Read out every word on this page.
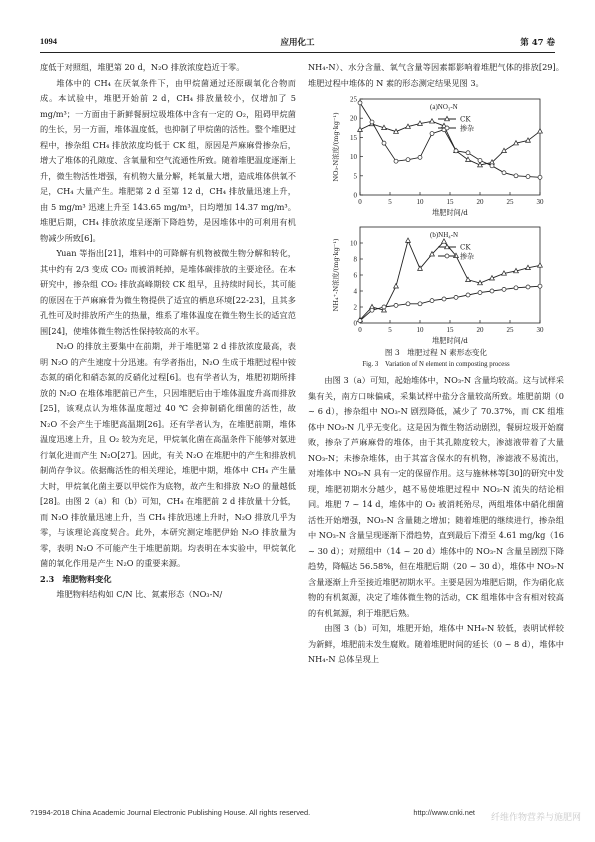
1094	应用化工	第 47 卷

度低于对照组，堆肥第 20 d，N₂O 排放浓度趋近于零。

堆体中的 CH₄ 在厌氧条件下，由甲烷菌通过还原碳氧化合物而成。本试验中，堆肥开始前 2 d，CH₄ 排放量较小，仅增加了 5 mg/m³；一方面由于新鲜餐厨垃圾堆体中含有一定的 O₂，阻碍甲烷菌的生长，另一方面，堆体温度低，也抑制了甲烷菌的活性。整个堆肥过程中，掺杂组 CH₄ 排放浓度均低于 CK 组，原因是芦麻麻骨掺杂后，增大了堆体的孔隙度、含氧量和空气流通性所致。随着堆肥温度逐渐上升，微生物活性增强，有机物大量分解，耗氧量大增，造成堆体供氧不足，CH₄ 大量产生。堆肥第 2 d 至第 12 d，CH₄ 排放量迅速上升，由 5 mg/m³ 迅速上升至 143.65 mg/m³，日均增加 14.37 mg/m³。堆肥后期，CH₄ 排放浓度呈逐渐下降趋势，是因堆体中的可利用有机物减少所致[6]。

Yuan 等指出[21]，堆料中的可降解有机物被微生物分解和转化，其中约有 2/3 变成 CO₂ 而被消耗掉，是堆体碳排放的主要途径。在本研究中，掺杂组 CO₂ 排放高峰期较 CK 组早，且持续时间长，其可能的原因在于芦麻麻骨为微生物提供了适宜的栖息环境[22-23]，且其多孔性可及时排放所产生的热量，维系了堆体温度在微生物生长的适宜范围[24]，使堆体微生物活性保持较高的水平。

N₂O 的排放主要集中在前期，并于堆肥第 2 d 排放浓度最高，表明 N₂O 的产生速度十分迅速。有学者指出，N₂O 生成于堆肥过程中铵态氮的硝化和硝态氮的反硝化过程[6]。也有学者认为，堆肥初期所排放的 N₂O 在堆体堆肥前已产生，只因堆肥后由于堆体温度升高而排放[25]，该观点认为堆体温度超过 40 ℃ 会抑制硝化细菌的活性，故 N₂O 不会产生于堆肥高温期[26]。还有学者认为，在堆肥前期，堆体温度迅速上升，且 O₂ 较为充足，甲烷氧化菌在高温条件下能够对氨进行氧化进而产生 N₂O[27]。因此，有关 N₂O 在堆肥中的产生和排放机制尚存争议。依据酶活性的相关理论，堆肥中期，堆体中 CH₄ 产生量大时，甲烷氧化菌主要以甲烷作为底物，故产生和排放 N₂O 的量越低[28]。由图 2（a）和（b）可知，CH₄ 在堆肥前 2 d 排放量十分低，而 N₂O 排放量迅速上升，当 CH₄ 排放迅速上升时，N₂O 排放几乎为零，与该理论高度契合。此外，本研究测定堆肥伊始 N₂O 排放量为零，表明 N₂O 不可能产生于堆肥前期。均表明在本实验中，甲烷氧化菌的氧化作用是产生 N₂O 的重要来源。

2.3　堆肥物料变化

堆肥物料结构如 C/N 比、氮素形态（NO₃-N/

NH₄-N）、水分含量、氧气含量等因素都影响着堆肥气体的排放[29]。堆肥过程中堆体的 N 素的形态测定结果见图 3。

0	5	10	15	20	25	30
0
5
10
15
20
25
堆肥时间/d
NO₃-N浓度/(mg·kg⁻¹)
(a)NO₃-N
CK
掺杂
0	5	10	15	20	25	30
0
2
4
6
8
10
堆肥时间/d
NH₄⁺-N浓度/(mg·kg⁻¹)
(b)NH₄-N
CK
掺杂
图 3　堆肥过程 N 素形态变化
Fig. 3　Variation of N element in composting process

由图 3（a）可知，起始堆体中，NO₃-N 含量均较高。这与试样采集有关，南方口味偏咸，采集试样中盐分含量较高所致。堆肥前期（0 ~ 6 d），掺杂组中 NO₃-N 剧烈降低，减少了 70.37%，而 CK 组堆体中 NO₃-N 几乎无变化。这是因为微生物活动剧烈，餐厨垃圾开始腐败，掺杂了芦麻麻骨的堆体，由于其孔隙度较大，渗滤液带着了大量 NO₃-N；未掺杂堆体，由于其富含保水的有机物，渗滤液不易流出，对堆体中 NO₃-N 具有一定的保留作用。这与施林林等[30]的研究中发现，堆肥初期水分越少，越不易使堆肥过程中 NO₃-N 流失的结论相同。堆肥 7 ~ 14 d，堆体中的 O₂ 被消耗殆尽，两组堆体中硝化细菌活性开始增强，NO₃-N 含量随之增加；随着堆肥的继续进行，掺杂组中 NO₃-N 含量呈现逐渐下滑趋势，直到最后下滑至 4.61 mg/kg（16 ~ 30 d）；对照组中（14 ~ 20 d）堆体中的 NO₃-N 含量呈剧烈下降趋势，降幅达 56.58%，但在堆肥后期（20 ~ 30 d），堆体中 NO₃-N 含量逐渐上升至接近堆肥初期水平。主要是因为堆肥后期，作为硝化底物的有机氮源，决定了堆体微生物的活动，CK 组堆体中含有相对较高的有机氮源，利于堆肥后熟。

由图 3（b）可知，堆肥开始，堆体中 NH₄-N 较低，表明试样较为新鲜，堆肥前未发生腐败。随着堆肥时间的延长（0 ~ 8 d），堆体中 NH₄-N 总体呈现上

?1994-2018 China Academic Journal Electronic Publishing House. All rights reserved.	http://www.cnki.net
纤维作物营养与施肥网
